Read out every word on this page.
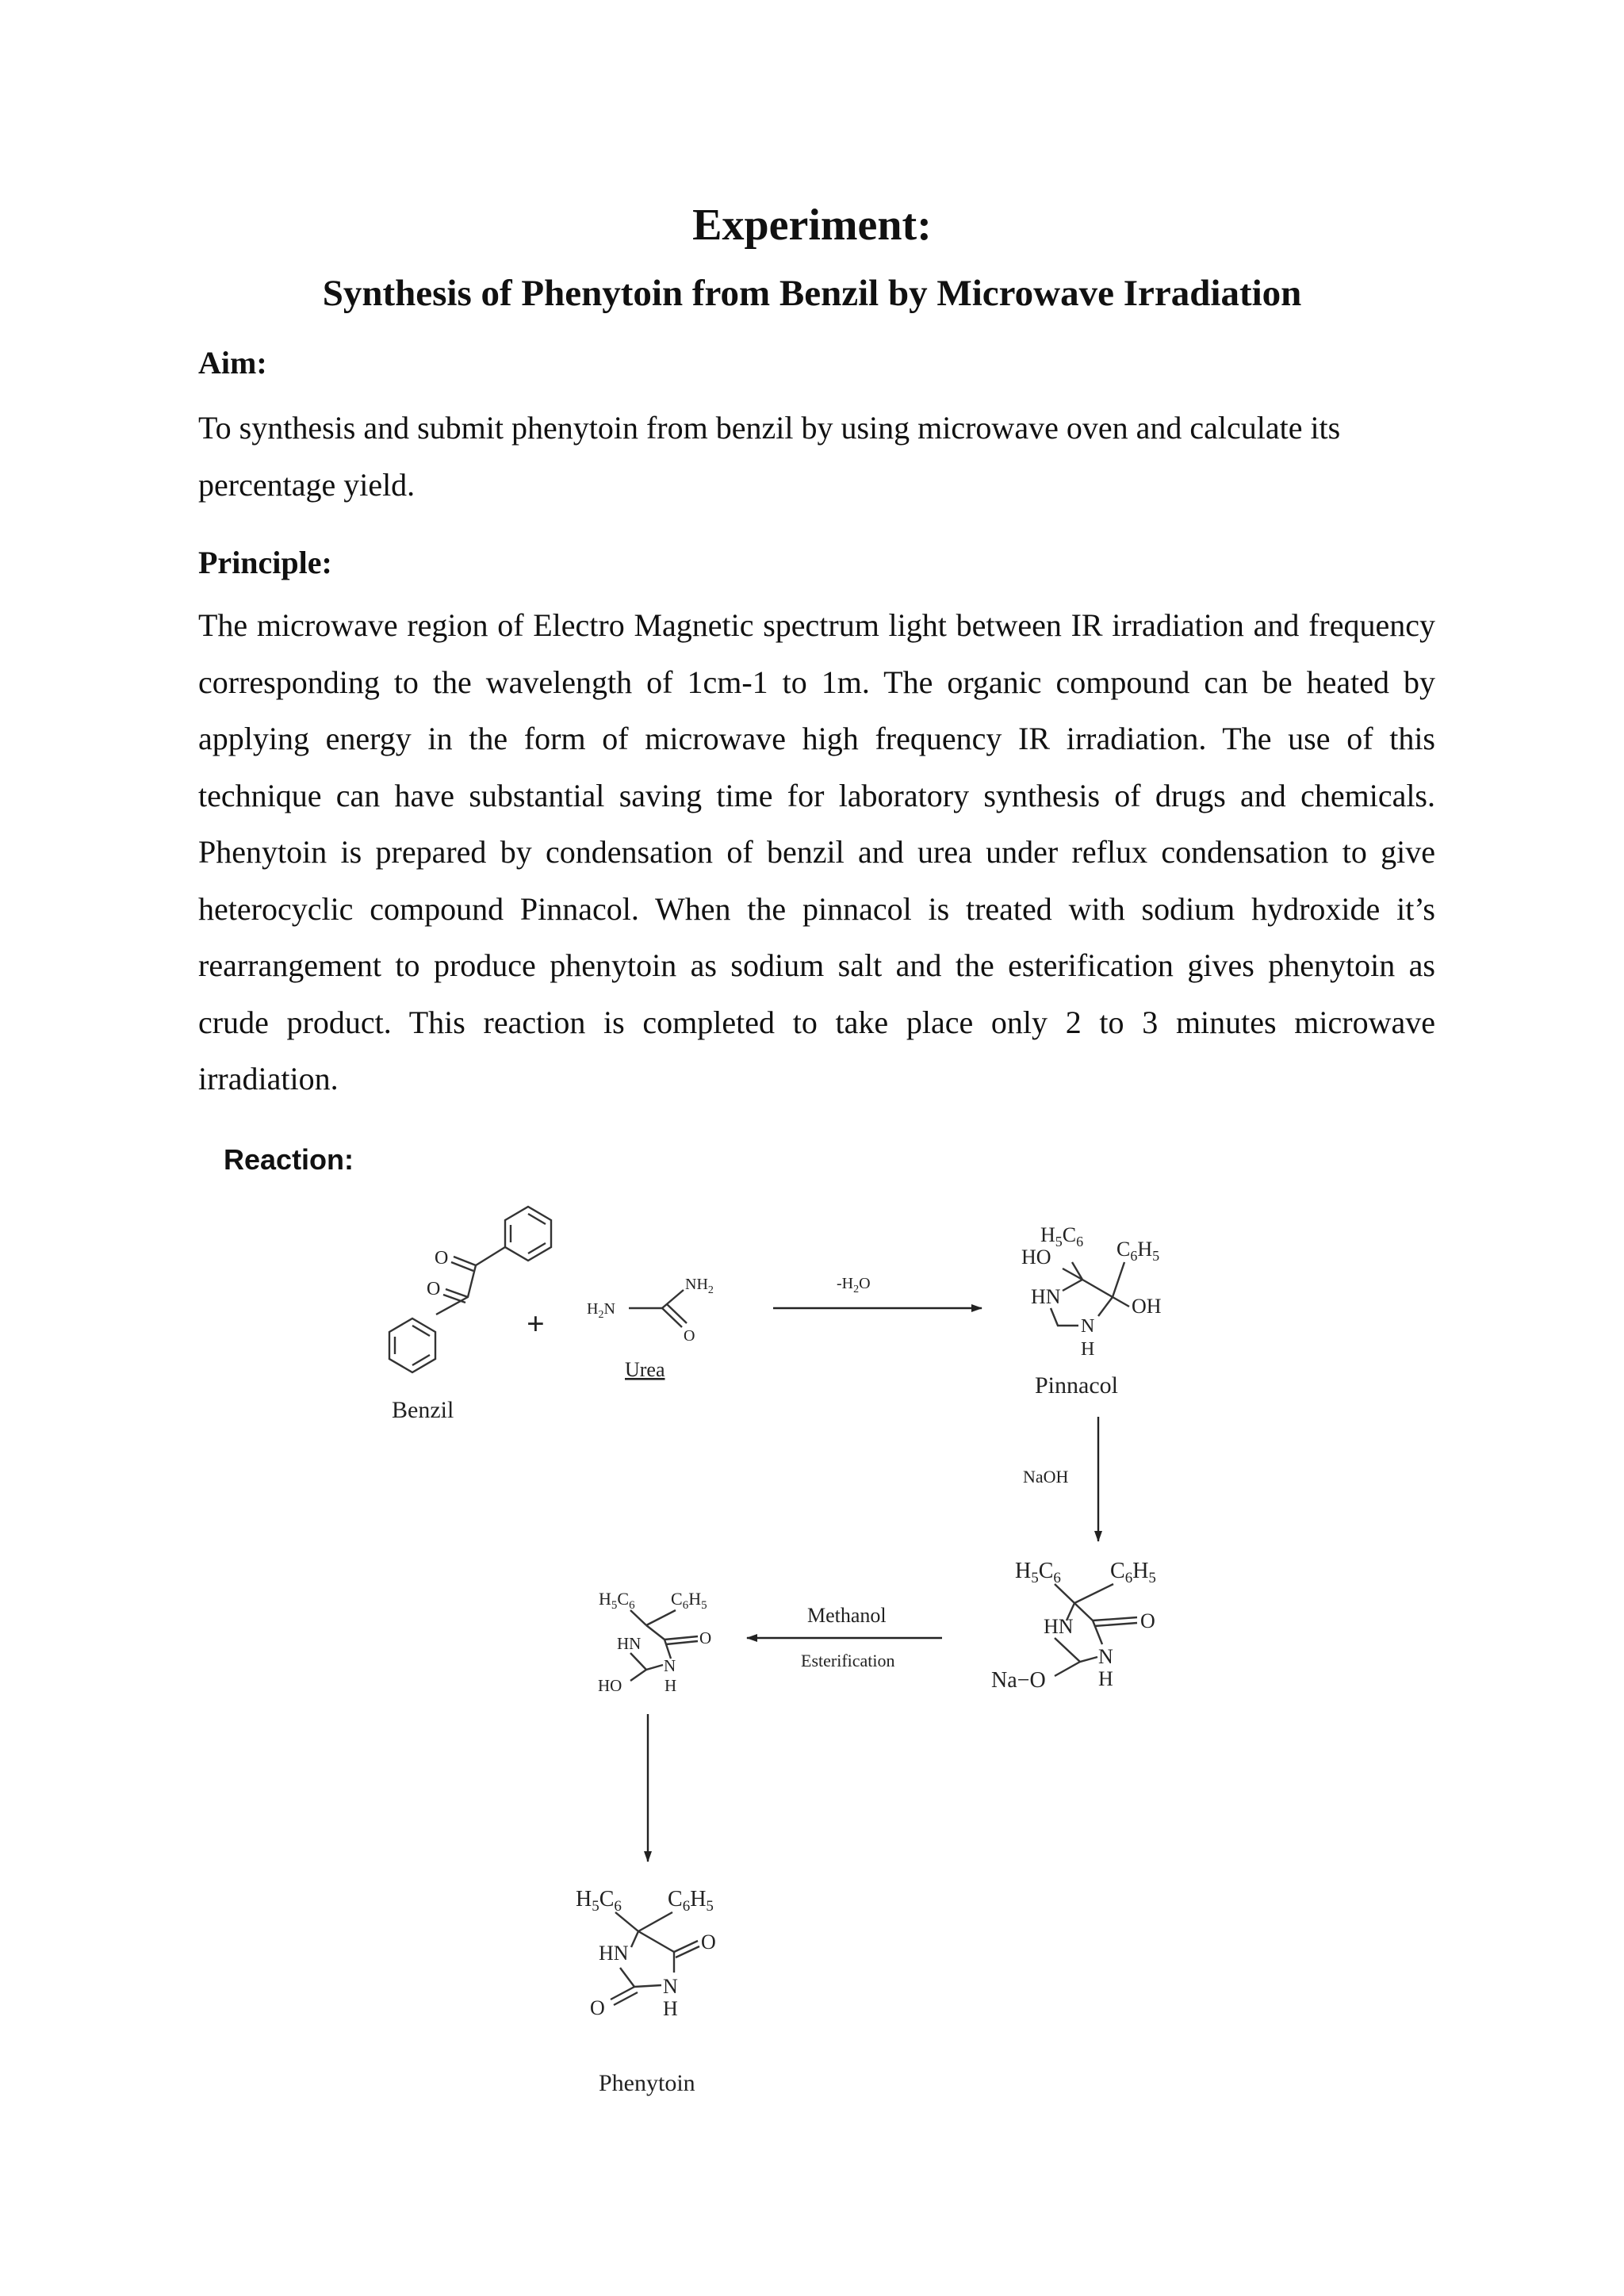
Experiment:
Synthesis of Phenytoin from Benzil by Microwave Irradiation

Aim:

To synthesis and submit phenytoin from benzil by using microwave oven and calculate its percentage yield.

Principle:

The microwave region of Electro Magnetic spectrum light between IR irradiation and frequency corresponding to the wavelength of 1cm-1 to 1m. The organic compound can be heated by applying energy in the form of microwave high frequency IR irradiation. The use of this technique can have substantial saving time for laboratory synthesis of drugs and chemicals. Phenytoin is prepared by condensation of benzil and urea under reflux condensation to give heterocyclic compound Pinnacol. When the pinnacol is treated with sodium hydroxide it’s rearrangement to produce phenytoin as sodium salt and the esterification gives phenytoin as crude product. This reaction is completed to take place only 2 to 3 minutes microwave irradiation.

Reaction:

O
O
Benzil
+	$H_2N$
$NH_2$
O
Urea
$-H_2O$
$H_5C_6$ $C_6H_5$
HO
HN	OH
N
H
Pinnacol
NaOH
$H_5C_6$ $C_6H_5$
O
HN
N
H
Na−O
Methanol
Esterification
$H_5C_6$ $C_6H_5$
O
HN
N
H
HO
$H_5C_6$ $C_6H_5$
O
HN
N
H
O
Phenytoin
